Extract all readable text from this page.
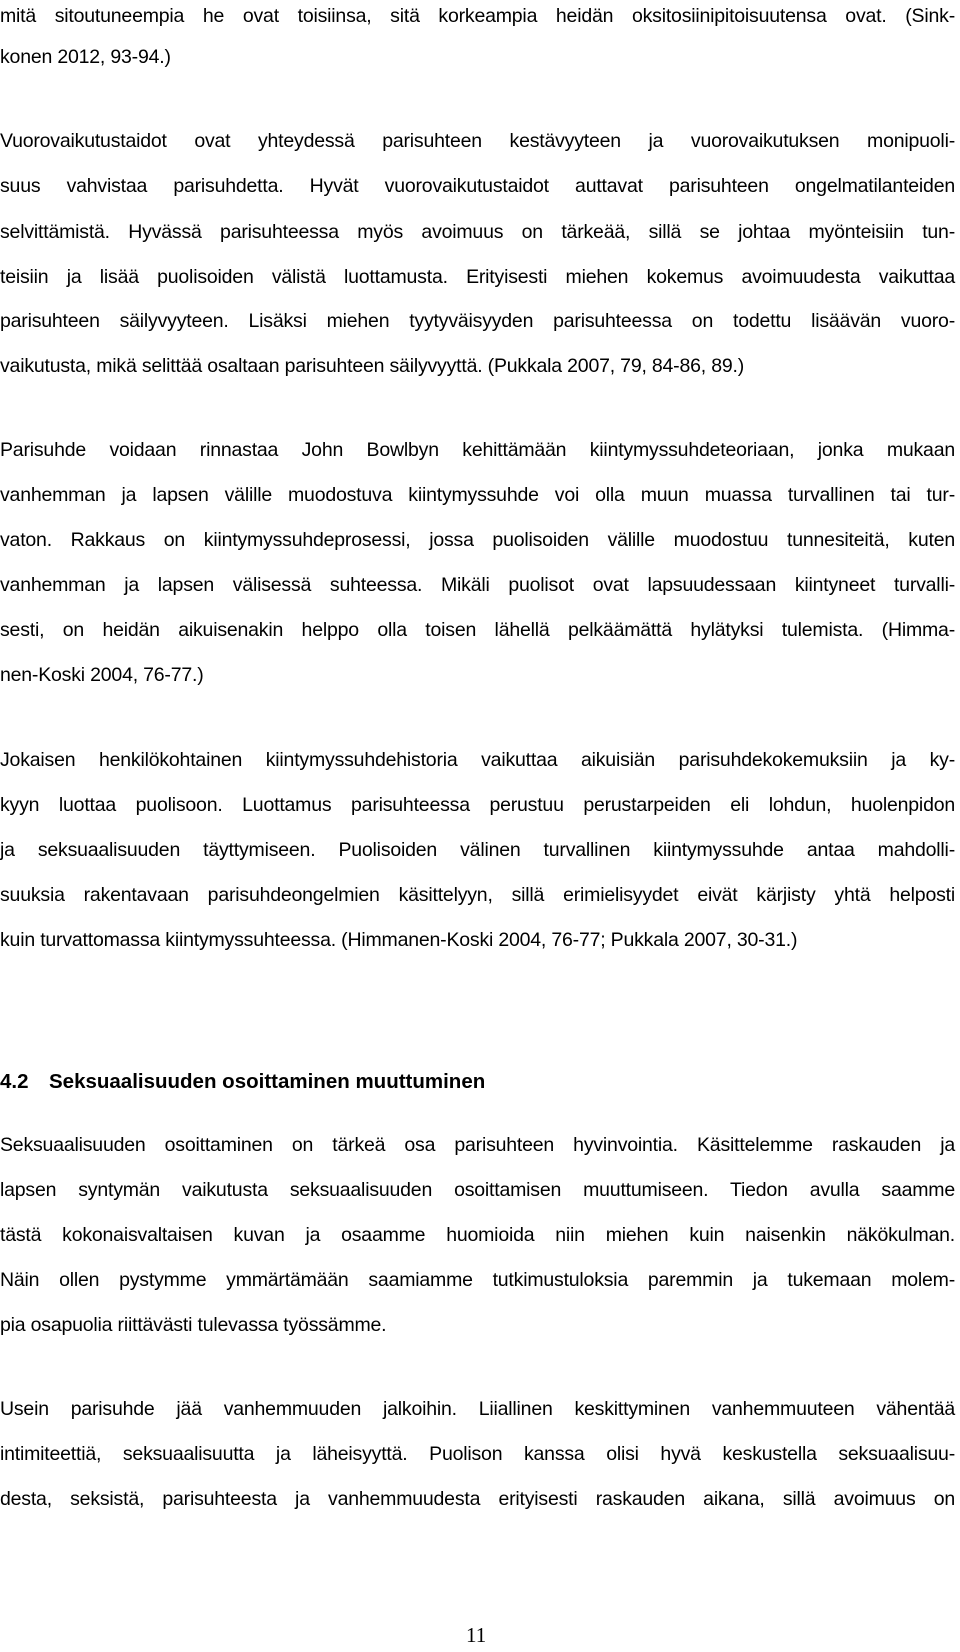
mitä sitoutuneempia he ovat toisiinsa, sitä korkeampia heidän oksitosiinipitoisuutensa ovat. (Sink-

konen 2012, 93-94.)

Vuorovaikutustaidot ovat yhteydessä parisuhteen kestävyyteen ja vuorovaikutuksen monipuoli-

suus vahvistaa parisuhdetta. Hyvät vuorovaikutustaidot auttavat parisuhteen ongelmatilanteiden

selvittämistä. Hyvässä parisuhteessa myös avoimuus on tärkeää, sillä se johtaa myönteisiin tun-

teisiin ja lisää puolisoiden välistä luottamusta. Erityisesti miehen kokemus avoimuudesta vaikuttaa

parisuhteen säilyvyyteen. Lisäksi miehen tyytyväisyyden parisuhteessa on todettu lisäävän vuoro-

vaikutusta, mikä selittää osaltaan parisuhteen säilyvyyttä. (Pukkala 2007, 79, 84-86, 89.)

Parisuhde voidaan rinnastaa John Bowlbyn kehittämään kiintymyssuhdeteoriaan, jonka mukaan

vanhemman ja lapsen välille muodostuva kiintymyssuhde voi olla muun muassa turvallinen tai tur-

vaton. Rakkaus on kiintymyssuhdeprosessi, jossa puolisoiden välille muodostuu tunnesiteitä, kuten

vanhemman ja lapsen välisessä suhteessa. Mikäli puolisot ovat lapsuudessaan kiintyneet turvalli-

sesti, on heidän aikuisenakin helppo olla toisen lähellä pelkäämättä hylätyksi tulemista. (Himma-

nen-Koski 2004, 76-77.)

Jokaisen henkilökohtainen kiintymyssuhdehistoria vaikuttaa aikuisiän parisuhdekokemuksiin ja ky-

kyyn luottaa puolisoon. Luottamus parisuhteessa perustuu perustarpeiden eli lohdun, huolenpidon

ja seksuaalisuuden täyttymiseen. Puolisoiden välinen turvallinen kiintymyssuhde antaa mahdolli-

suuksia rakentavaan parisuhdeongelmien käsittelyyn, sillä erimielisyydet eivät kärjisty yhtä helposti

kuin turvattomassa kiintymyssuhteessa. (Himmanen-Koski 2004, 76-77; Pukkala 2007, 30-31.)

4.2 Seksuaalisuuden osoittaminen muuttuminen

Seksuaalisuuden osoittaminen on tärkeä osa parisuhteen hyvinvointia. Käsittelemme raskauden ja

lapsen syntymän vaikutusta seksuaalisuuden osoittamisen muuttumiseen. Tiedon avulla saamme

tästä kokonaisvaltaisen kuvan ja osaamme huomioida niin miehen kuin naisenkin näkökulman.

Näin ollen pystymme ymmärtämään saamiamme tutkimustuloksia paremmin ja tukemaan molem-

pia osapuolia riittävästi tulevassa työssämme.

Usein parisuhde jää vanhemmuuden jalkoihin. Liiallinen keskittyminen vanhemmuuteen vähentää

intimiteettiä, seksuaalisuutta ja läheisyyttä. Puolison kanssa olisi hyvä keskustella seksuaalisuu-

desta, seksistä, parisuhteesta ja vanhemmuudesta erityisesti raskauden aikana, sillä avoimuus on

11
